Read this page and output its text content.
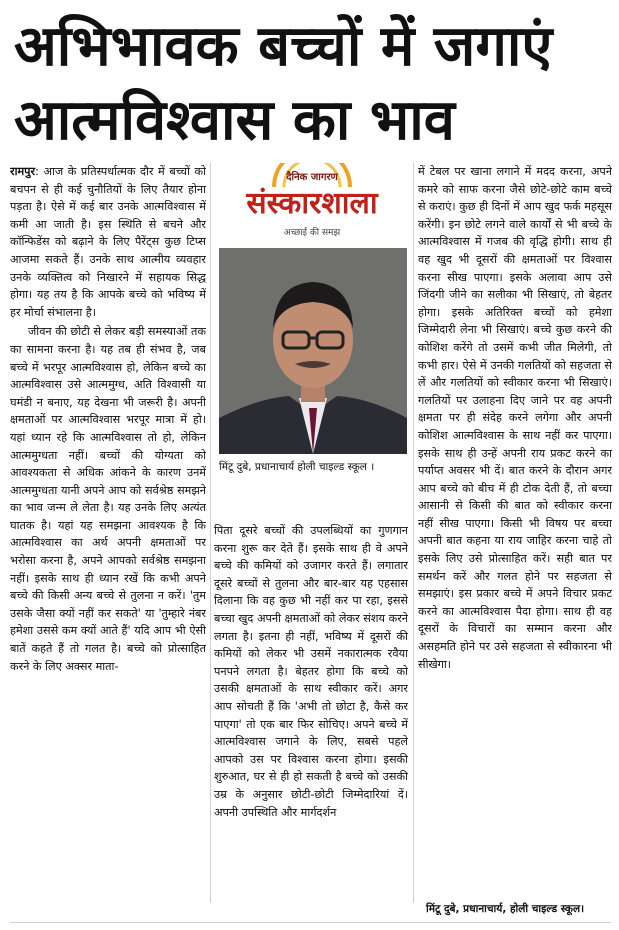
अभिभावक बच्चों में जगाएं
आत्मविश्वास का भाव

रामपुर: आज के प्रतिस्पर्धात्मक दौर में बच्चों को बचपन से ही कई चुनौतियों के लिए तैयार होना पड़ता है। ऐसे में कई बार उनके आत्मविश्वास में कमी आ जाती है। इस स्थिति से बचने और कॉन्फिडेंस को बढ़ाने के लिए पैरेंट्स कुछ टिप्स आजमा सकते हैं। उनके साथ आत्मीय व्यवहार उनके व्यक्तित्व को निखारने में सहायक सिद्ध होगा। यह तय है कि आपके बच्चे को भविष्य में हर मोर्चा संभालना है।

जीवन की छोटी से लेकर बड़ी समस्याओं तक का सामना करना है। यह तब ही संभव है, जब बच्चे में भरपूर आत्मविश्वास हो, लेकिन बच्चे का आत्मविश्वास उसे आत्ममुग्ध, अति विश्वासी या घमंडी न बनाए, यह देखना भी जरूरी है। अपनी क्षमताओं पर आत्मविश्वास भरपूर मात्रा में हो। यहां ध्यान रहे कि आत्मविश्वास तो हो, लेकिन आत्ममुग्धता नहीं। बच्चों की योग्यता को आवश्यकता से अधिक आंकने के कारण उनमें आत्ममुग्धता यानी अपने आप को सर्वश्रेष्ठ समझने का भाव जन्म ले लेता है। यह उनके लिए अत्यंत घातक है। यहां यह समझना आवश्यक है कि आत्मविश्वास का अर्थ अपनी क्षमताओं पर भरोसा करना है, अपने आपको सर्वश्रेष्ठ समझना नहीं। इसके साथ ही ध्यान रखें कि कभी अपने बच्चे की किसी अन्य बच्चे से तुलना न करें। 'तुम उसके जैसा क्यों नहीं कर सकते' या 'तुम्हारे नंबर हमेशा उससे कम क्यों आते हैं' यदि आप भी ऐसी बातें कहते हैं तो गलत है। बच्चे को प्रोत्साहित करने के लिए अक्सर माता-

दैनिक जागरण
संस्कारशाला
अच्छाई की समझ
मिंटू दुबे, प्रधानाचार्य होली चाइल्ड स्कूल ।

पिता दूसरे बच्चों की उपलब्धियों का गुणगान करना शुरू कर देते हैं। इसके साथ ही वे अपने बच्चे की कमियों को उजागर करते हैं। लगातार दूसरे बच्चों से तुलना और बार-बार यह एहसास दिलाना कि वह कुछ भी नहीं कर पा रहा, इससे बच्चा खुद अपनी क्षमताओं को लेकर संशय करने लगता है। इतना ही नहीं, भविष्य में दूसरों की कमियों को लेकर भी उसमें नकारात्मक रवैया पनपने लगता है। बेहतर होगा कि बच्चे को उसकी क्षमताओं के साथ स्वीकार करें। अगर आप सोचती हैं कि 'अभी तो छोटा है, कैसे कर पाएगा' तो एक बार फिर सोचिए। अपने बच्चे में आत्मविश्वास जगाने के लिए, सबसे पहले आपको उस पर विश्वास करना होगा। इसकी शुरुआत, घर से ही हो सकती है बच्चे को उसकी उम्र के अनुसार छोटी-छोटी जिम्मेदारियां दें। अपनी उपस्थिति और मार्गदर्शन

में टेबल पर खाना लगाने में मदद करना, अपने कमरे को साफ करना जैसे छोटे-छोटे काम बच्चे से कराएं। कुछ ही दिनों में आप खुद फर्क महसूस करेंगी। इन छोटे लगने वाले कार्यों से भी बच्चे के आत्मविश्वास में गजब की वृद्धि होगी। साथ ही वह खुद भी दूसरों की क्षमताओं पर विश्वास करना सीख पाएगा। इसके अलावा आप उसे जिंदगी जीने का सलीका भी सिखाएं, तो बेहतर होगा। इसके अतिरिक्त बच्चों को हमेशा जिम्मेदारी लेना भी सिखाएं। बच्चे कुछ करने की कोशिश करेंगे तो उसमें कभी जीत मिलेगी, तो कभी हार। ऐसे में उनकी गलतियों को सहजता से लें और गलतियों को स्वीकार करना भी सिखाएं। गलतियों पर उलाहना दिए जाने पर वह अपनी क्षमता पर ही संदेह करने लगेगा और अपनी कोशिश आत्मविश्वास के साथ नहीं कर पाएगा। इसके साथ ही उन्हें अपनी राय प्रकट करने का पर्याप्त अवसर भी दें। बात करने के दौरान अगर आप बच्चे को बीच में ही टोक देती हैं, तो बच्चा आसानी से किसी की बात को स्वीकार करना नहीं सीख पाएगा। किसी भी विषय पर बच्चा अपनी बात कहना या राय जाहिर करना चाहे तो इसके लिए उसे प्रोत्साहित करें। सही बात पर समर्थन करें और गलत होने पर सहजता से समझाएं। इस प्रकार बच्चे में अपने विचार प्रकट करने का आत्मविश्वास पैदा होगा। साथ ही वह दूसरों के विचारों का सम्मान करना और असहमति होने पर उसे सहजता से स्वीकारना भी सीखेगा।

मिंटू दुबे, प्रधानाचार्य, होली चाइल्ड स्कूल।
